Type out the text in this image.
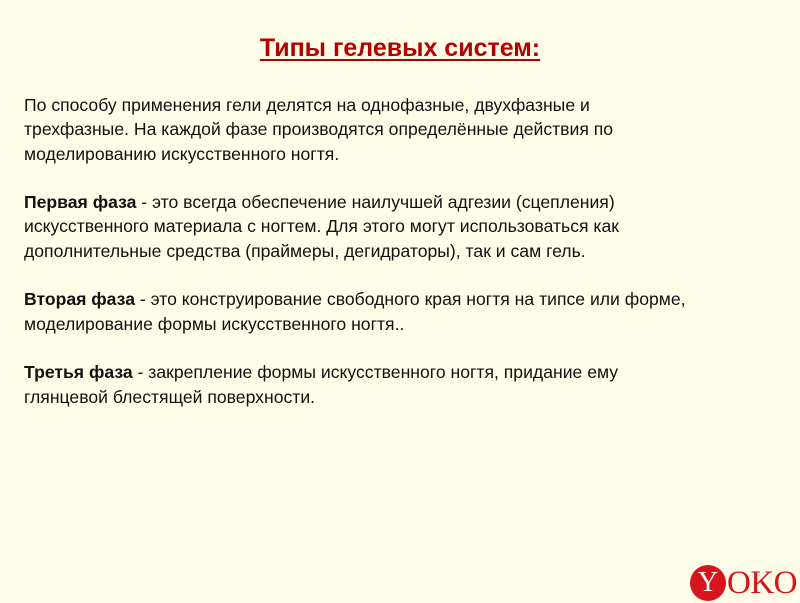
Типы гелевых систем:

По способу применения гели делятся на однофазные, двухфазные и
трехфазные. На каждой фазе производятся определённые действия по
моделированию искусственного ногтя.

Первая фаза - это всегда обеспечение наилучшей адгезии (сцепления)
искусственного материала с ногтем. Для этого могут использоваться как
дополнительные средства (праймеры, дегидраторы), так и сам гель.

Вторая фаза - это конструирование свободного края ногтя на типсе или форме,
моделирование формы искусственного ногтя..

Третья фаза - закрепление формы искусственного ногтя, придание ему
глянцевой блестящей поверхности.

Y OKO
